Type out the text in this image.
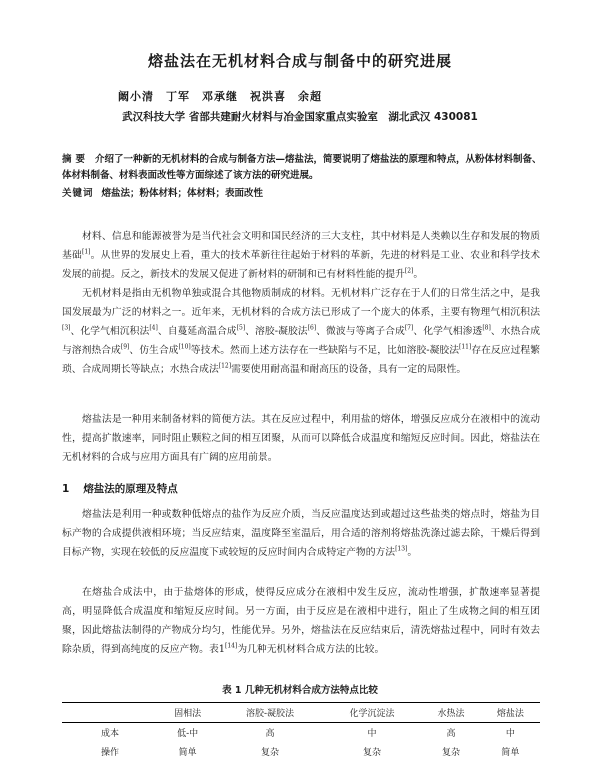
熔盐法在无机材料合成与制备中的研究进展
阚小清　丁军　邓承继　祝洪喜　余超
武汉科技大学 省部共建耐火材料与冶金国家重点实验室　湖北武汉 430081
摘要 介绍了一种新的无机材料的合成与制备方法—熔盐法，简要说明了熔盐法的原理和特点，从粉体材料制备、体材料制备、材料表面改性等方面综述了该方法的研究进展。
关键词 熔盐法；粉体材料；体材料；表面改性

材料、信息和能源被誉为是当代社会文明和国民经济的三大支柱，其中材料是人类赖以生存和发展的物质基础[1]。从世界的发展史上看，重大的技术革新往往起始于材料的革新，先进的材料是工业、农业和科学技术发展的前提。反之，新技术的发展又促进了新材料的研制和已有材料性能的提升[2]。

无机材料是指由无机物单独或混合其他物质制成的材料。无机材料广泛存在于人们的日常生活之中，是我国发展最为广泛的材料之一。近年来，无机材料的合成方法已形成了一个庞大的体系，主要有物理气相沉积法[3]、化学气相沉积法[4]、自蔓延高温合成[5]、溶胶-凝胶法[6]、微波与等离子合成[7]、化学气相渗透[8]、水热合成与溶剂热合成[9]、仿生合成[10]等技术。然而上述方法存在一些缺陷与不足，比如溶胶-凝胶法[11]存在反应过程繁琐、合成周期长等缺点；水热合成法[12]需要使用耐高温和耐高压的设备，具有一定的局限性。

熔盐法是一种用来制备材料的简便方法。其在反应过程中，利用盐的熔体，增强反应成分在液相中的流动性，提高扩散速率，同时阻止颗粒之间的相互团聚，从而可以降低合成温度和缩短反应时间。因此，熔盐法在无机材料的合成与应用方面具有广阔的应用前景。

1 熔盐法的原理及特点

熔盐法是利用一种或数种低熔点的盐作为反应介质，当反应温度达到或超过这些盐类的熔点时，熔盐为目标产物的合成提供液相环境；当反应结束，温度降至室温后，用合适的溶剂将熔盐洗涤过滤去除，干燥后得到目标产物，实现在较低的反应温度下或较短的反应时间内合成特定产物的方法[13]。

在熔盐合成法中，由于盐熔体的形成，使得反应成分在液相中发生反应，流动性增强，扩散速率显著提高，明显降低合成温度和缩短反应时间。另一方面，由于反应是在液相中进行，阻止了生成物之间的相互团聚，因此熔盐法制得的产物成分均匀，性能优异。另外，熔盐法在反应结束后，清洗熔盐过程中，同时有效去除杂质，得到高纯度的反应产物。表1[14]为几种无机材料合成方法的比较。

表 1 几种无机材料合成方法特点比较
	固相法	溶胶-凝胶法	化学沉淀法	水热法	熔盐法
成本	低-中	高	中	高	中
操作	简单	复杂	复杂	复杂	简单
